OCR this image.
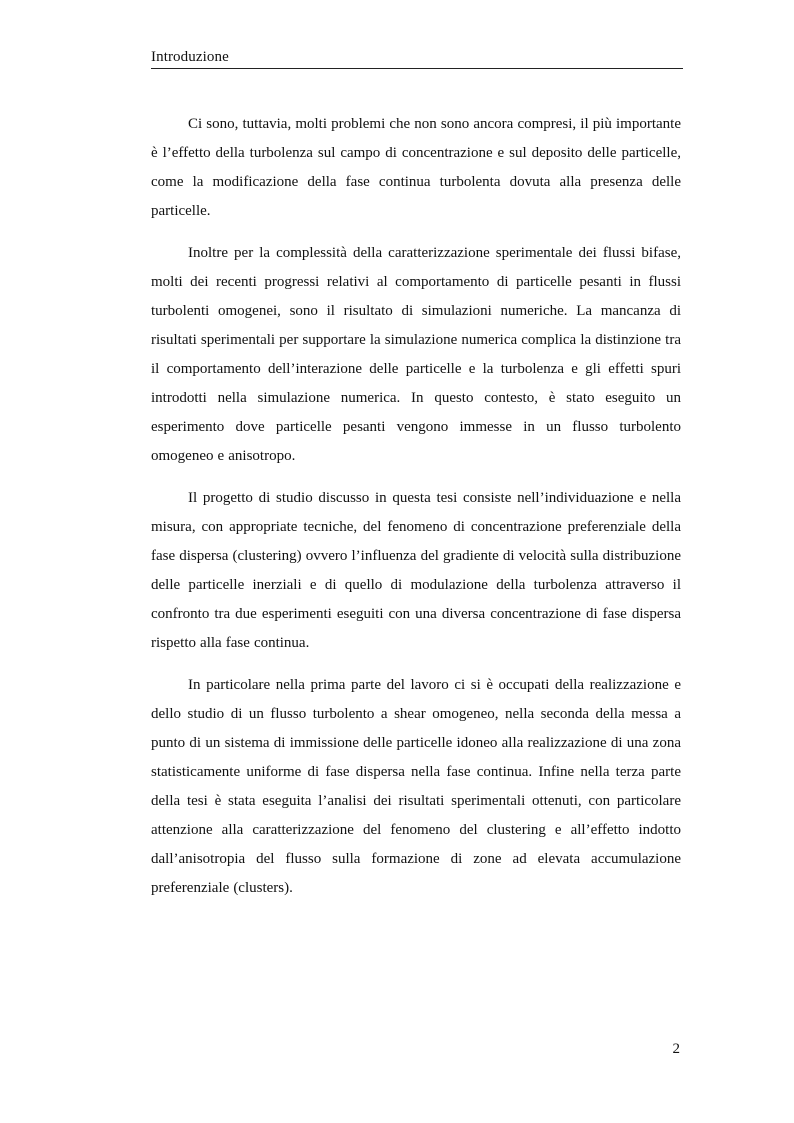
Introduzione

Ci sono, tuttavia, molti problemi che non sono ancora compresi, il più importante è l’effetto della turbolenza sul campo di concentrazione e sul deposito delle particelle, come la modificazione della fase continua turbolenta dovuta alla presenza delle particelle.

Inoltre per la complessità della caratterizzazione sperimentale dei flussi bifase, molti dei recenti progressi relativi al comportamento di particelle pesanti in flussi turbolenti omogenei, sono il risultato di simulazioni numeriche. La mancanza di risultati sperimentali per supportare la simulazione numerica complica la distinzione tra il comportamento dell’interazione delle particelle e la turbolenza e gli effetti spuri introdotti nella simulazione numerica. In questo contesto, è stato eseguito un esperimento dove particelle pesanti vengono immesse in un flusso turbolento omogeneo e anisotropo.

Il progetto di studio discusso in questa tesi consiste nell’individuazione e nella misura, con appropriate tecniche, del fenomeno di concentrazione preferenziale della fase dispersa (clustering) ovvero l’influenza del gradiente di velocità sulla distribuzione delle particelle inerziali e di quello di modulazione della turbolenza attraverso il confronto tra due esperimenti eseguiti con una diversa concentrazione di fase dispersa rispetto alla fase continua.

In particolare nella prima parte del lavoro ci si è occupati della realizzazione e dello studio di un flusso turbolento a shear omogeneo, nella seconda della messa a punto di un sistema di immissione delle particelle idoneo alla realizzazione di una zona statisticamente uniforme di fase dispersa nella fase continua. Infine nella terza parte della tesi è stata eseguita l’analisi dei risultati sperimentali ottenuti, con particolare attenzione alla caratterizzazione del fenomeno del clustering e all’effetto indotto dall’anisotropia del flusso sulla formazione di zone ad elevata accumulazione preferenziale (clusters).

2
